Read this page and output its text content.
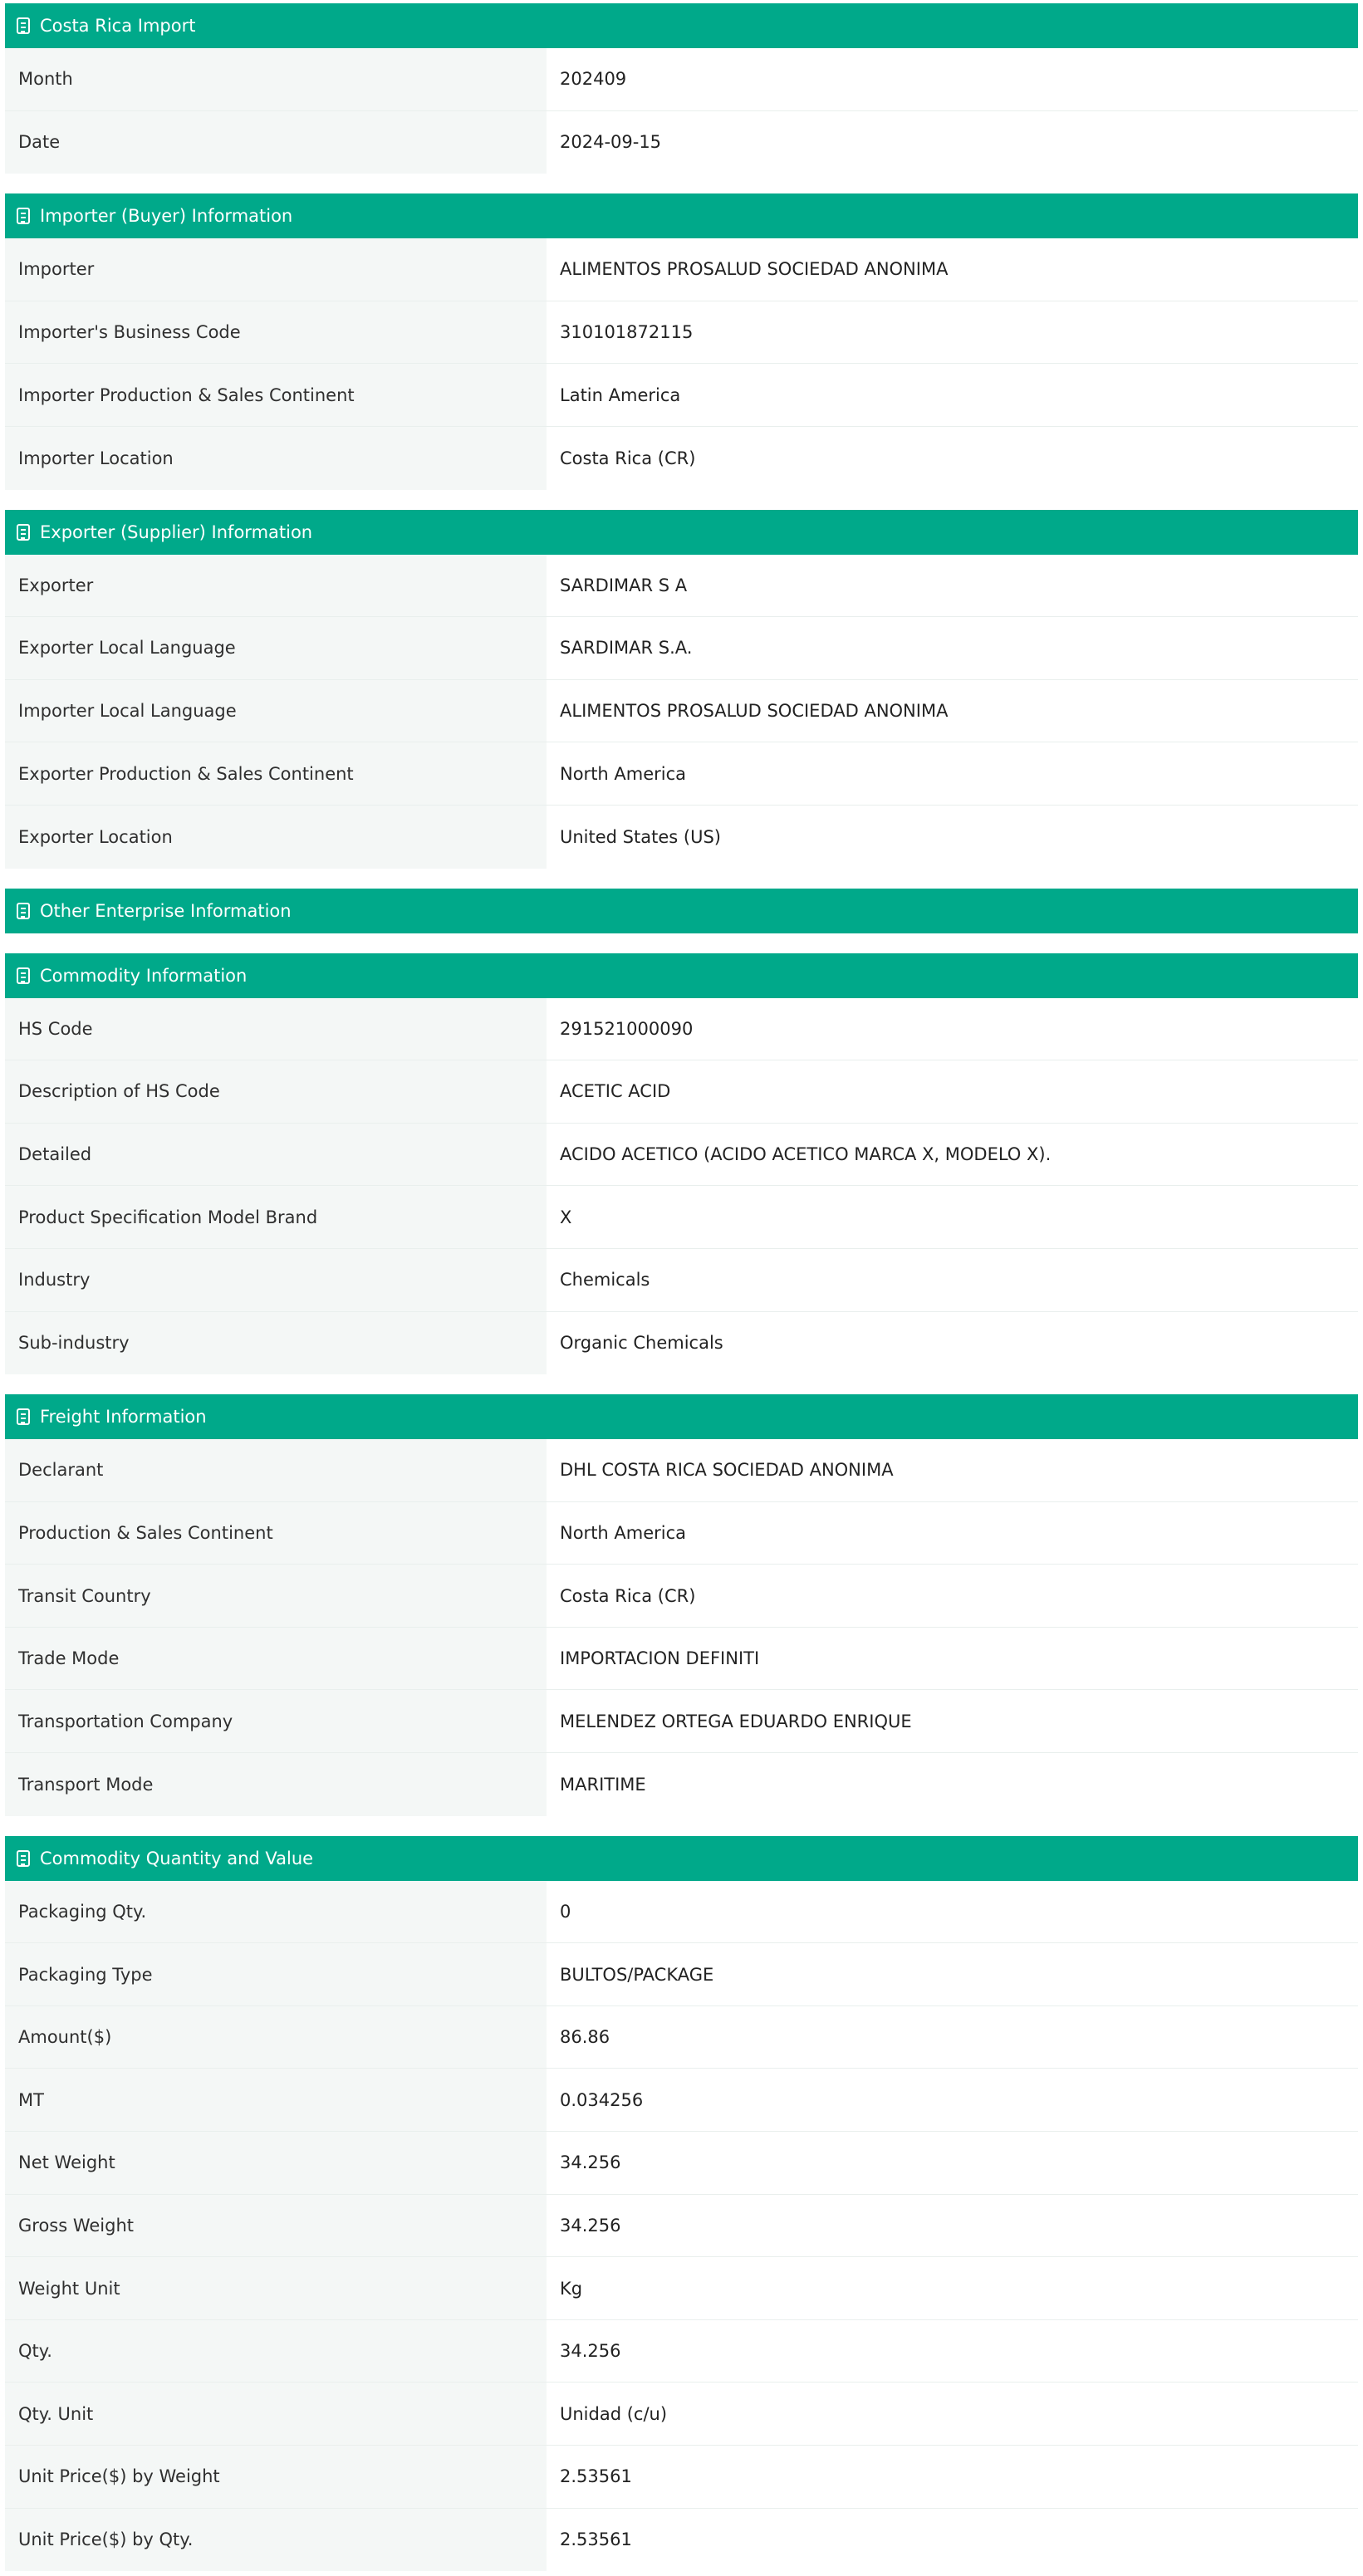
Costa Rica Import
Month	202409
Date	2024-09-15
Importer (Buyer) Information
Importer	ALIMENTOS PROSALUD SOCIEDAD ANONIMA
Importer's Business Code	310101872115
Importer Production & Sales Continent	Latin America
Importer Location	Costa Rica (CR)
Exporter (Supplier) Information
Exporter	SARDIMAR S A
Exporter Local Language	SARDIMAR S.A.
Importer Local Language	ALIMENTOS PROSALUD SOCIEDAD ANONIMA
Exporter Production & Sales Continent	North America
Exporter Location	United States (US)
Other Enterprise Information
Commodity Information
HS Code	291521000090
Description of HS Code	ACETIC ACID
Detailed	ACIDO ACETICO (ACIDO ACETICO MARCA X, MODELO X).
Product Specification Model Brand	X
Industry	Chemicals
Sub-industry	Organic Chemicals
Freight Information
Declarant	DHL COSTA RICA SOCIEDAD ANONIMA
Production & Sales Continent	North America
Transit Country	Costa Rica (CR)
Trade Mode	IMPORTACION DEFINITI
Transportation Company	MELENDEZ ORTEGA EDUARDO ENRIQUE
Transport Mode	MARITIME
Commodity Quantity and Value
Packaging Qty.	0
Packaging Type	BULTOS/PACKAGE
Amount($)	86.86
MT	0.034256
Net Weight	34.256
Gross Weight	34.256
Weight Unit	Kg
Qty.	34.256
Qty. Unit	Unidad (c/u)
Unit Price($) by Weight	2.53561
Unit Price($) by Qty.	2.53561
